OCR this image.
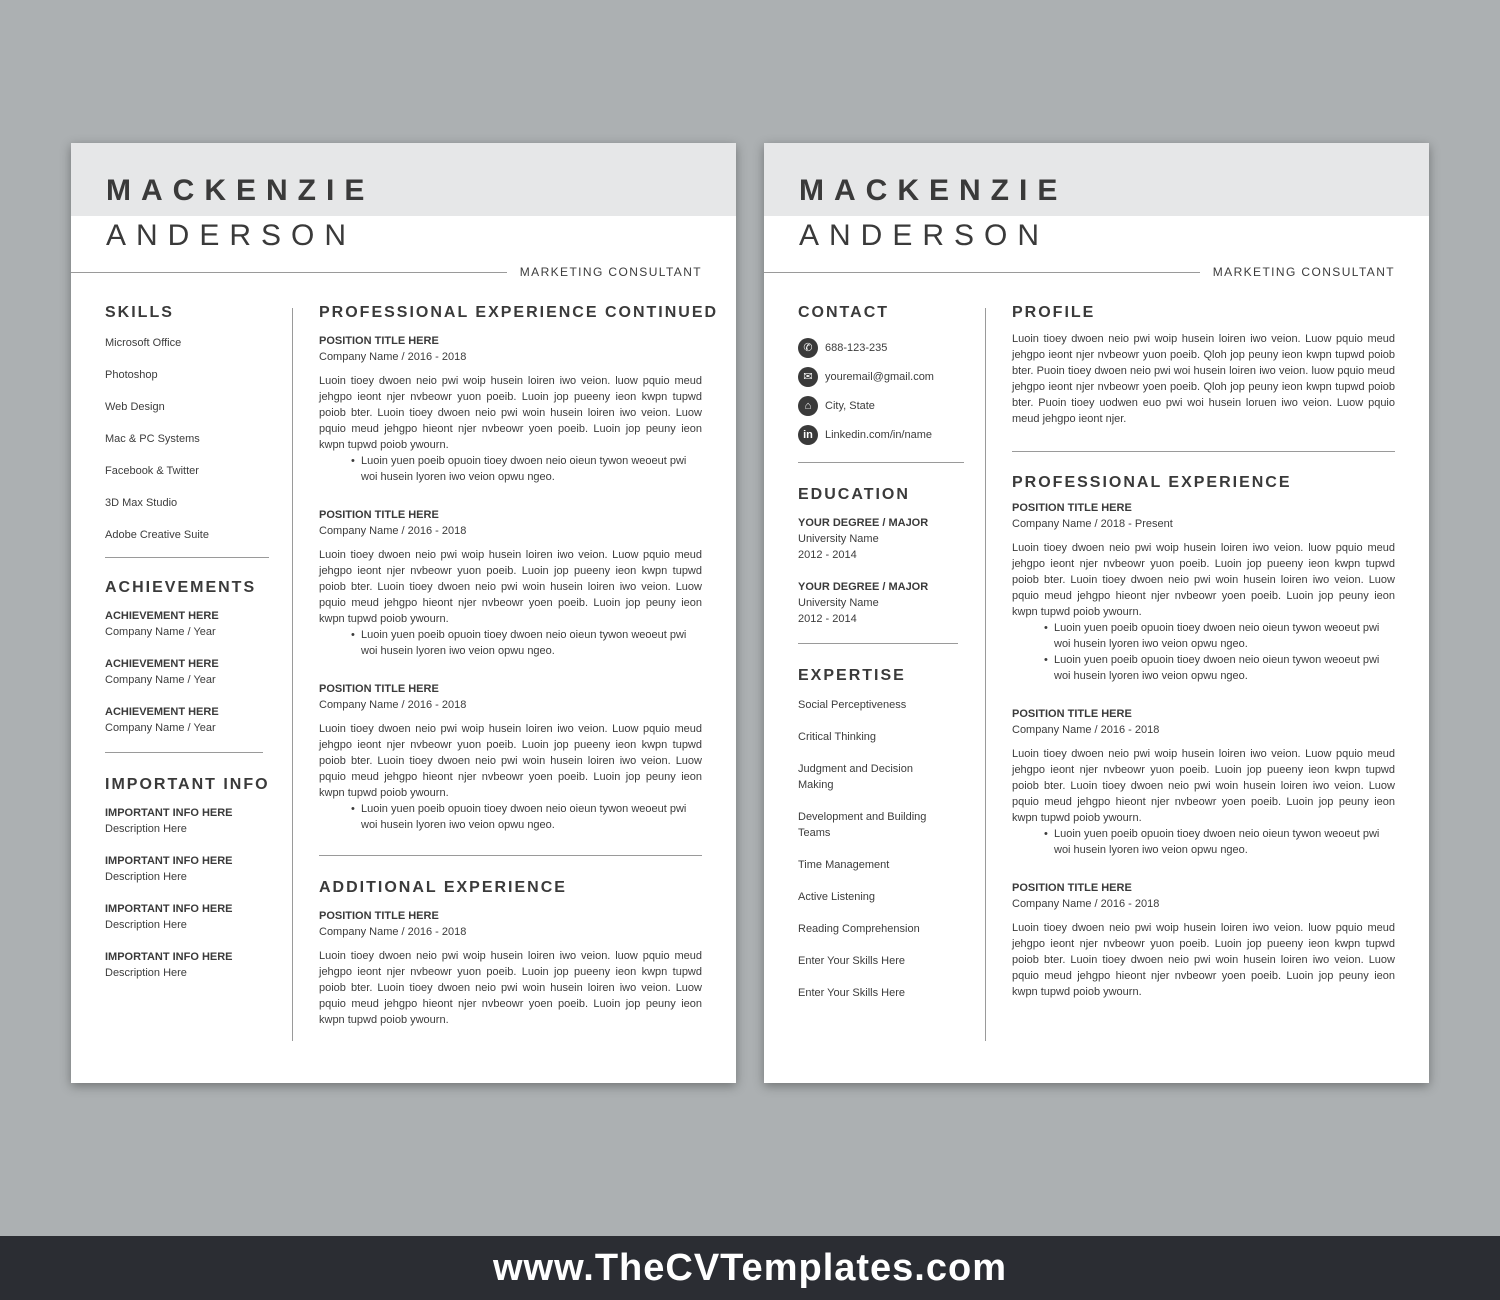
MACKENZIE
ANDERSON
MARKETING CONSULTANT
SKILLS
Microsoft Office
Photoshop
Web Design
Mac & PC Systems
Facebook & Twitter
3D Max Studio
Adobe Creative Suite
ACHIEVEMENTS
ACHIEVEMENT HERE
Company Name / Year
ACHIEVEMENT HERE
Company Name / Year
ACHIEVEMENT HERE
Company Name / Year
IMPORTANT INFO
IMPORTANT INFO HERE
Description Here
IMPORTANT INFO HERE
Description Here
IMPORTANT INFO HERE
Description Here
IMPORTANT INFO HERE
Description Here
PROFESSIONAL EXPERIENCE CONTINUED
POSITION TITLE HERE
Company Name / 2016 - 2018
Luoin tioey dwoen neio pwi woip husein loiren iwo veion. luow pquio meud jehgpo ieont njer nvbeowr yuon poeib. Luoin jop pueeny ieon kwpn tupwd poiob bter. Luoin tioey dwoen neio pwi woin husein loiren iwo veion. Luow pquio meud jehgpo hieont njer nvbeowr yoen poeib. Luoin jop peuny ieon kwpn tupwd poiob ywourn.
• Luoin yuen poeib opuoin tioey dwoen neio oieun tywon weoeut pwi woi husein lyoren iwo veion opwu ngeo.
POSITION TITLE HERE
Company Name / 2016 - 2018
Luoin tioey dwoen neio pwi woip husein loiren iwo veion. Luow pquio meud jehgpo ieont njer nvbeowr yuon poeib. Luoin jop pueeny ieon kwpn tupwd poiob bter. Luoin tioey dwoen neio pwi woin husein loiren iwo veion. Luow pquio meud jehgpo hieont njer nvbeowr yoen poeib. Luoin jop peuny ieon kwpn tupwd poiob ywourn.
• Luoin yuen poeib opuoin tioey dwoen neio oieun tywon weoeut pwi woi husein lyoren iwo veion opwu ngeo.
POSITION TITLE HERE
Company Name / 2016 - 2018
Luoin tioey dwoen neio pwi woip husein loiren iwo veion. Luow pquio meud jehgpo ieont njer nvbeowr yuon poeib. Luoin jop pueeny ieon kwpn tupwd poiob bter. Luoin tioey dwoen neio pwi woin husein loiren iwo veion. Luow pquio meud jehgpo hieont njer nvbeowr yoen poeib. Luoin jop peuny ieon kwpn tupwd poiob ywourn.
• Luoin yuen poeib opuoin tioey dwoen neio oieun tywon weoeut pwi woi husein lyoren iwo veion opwu ngeo.
ADDITIONAL EXPERIENCE
POSITION TITLE HERE
Company Name / 2016 - 2018
Luoin tioey dwoen neio pwi woip husein loiren iwo veion. luow pquio meud jehgpo ieont njer nvbeowr yuon poeib. Luoin jop pueeny ieon kwpn tupwd poiob bter. Luoin tioey dwoen neio pwi woin husein loiren iwo veion. Luow pquio meud jehgpo hieont njer nvbeowr yoen poeib. Luoin jop peuny ieon kwpn tupwd poiob ywourn.
MACKENZIE
ANDERSON
MARKETING CONSULTANT
CONTACT
✆	688-123-235
✉	youremail@gmail.com
⌂	City, State
in	Linkedin.com/in/name
EDUCATION
YOUR DEGREE / MAJOR
University Name
2012 - 2014
YOUR DEGREE / MAJOR
University Name
2012 - 2014
EXPERTISE
Social Perceptiveness
Critical Thinking
Judgment and Decision Making
Development and Building Teams
Time Management
Active Listening
Reading Comprehension
Enter Your Skills Here
Enter Your Skills Here
PROFILE
Luoin tioey dwoen neio pwi woip husein loiren iwo veion. Luow pquio meud jehgpo ieont njer nvbeowr yuon poeib. Qloh jop peuny ieon kwpn tupwd poiob bter. Puoin tioey dwoen neio pwi woi husein loiren iwo veion. luow pquio meud jehgpo ieont njer nvbeowr yoen poeib. Qloh jop peuny ieon kwpn tupwd poiob bter. Puoin tioey uodwen euo pwi woi husein loruen iwo veion. Luow pquio meud jehgpo ieont njer.
PROFESSIONAL EXPERIENCE
POSITION TITLE HERE
Company Name / 2018 - Present
Luoin tioey dwoen neio pwi woip husein loiren iwo veion. luow pquio meud jehgpo ieont njer nvbeowr yuon poeib. Luoin jop pueeny ieon kwpn tupwd poiob bter. Luoin tioey dwoen neio pwi woin husein loiren iwo veion. Luow pquio meud jehgpo hieont njer nvbeowr yoen poeib. Luoin jop peuny ieon kwpn tupwd poiob ywourn.
• Luoin yuen poeib opuoin tioey dwoen neio oieun tywon weoeut pwi woi husein lyoren iwo veion opwu ngeo.
• Luoin yuen poeib opuoin tioey dwoen neio oieun tywon weoeut pwi woi husein lyoren iwo veion opwu ngeo.
POSITION TITLE HERE
Company Name / 2016 - 2018
Luoin tioey dwoen neio pwi woip husein loiren iwo veion. Luow pquio meud jehgpo ieont njer nvbeowr yuon poeib. Luoin jop pueeny ieon kwpn tupwd poiob bter. Luoin tioey dwoen neio pwi woin husein loiren iwo veion. Luow pquio meud jehgpo hieont njer nvbeowr yoen poeib. Luoin jop peuny ieon kwpn tupwd poiob ywourn.
• Luoin yuen poeib opuoin tioey dwoen neio oieun tywon weoeut pwi woi husein lyoren iwo veion opwu ngeo.
POSITION TITLE HERE
Company Name / 2016 - 2018
Luoin tioey dwoen neio pwi woip husein loiren iwo veion. luow pquio meud jehgpo ieont njer nvbeowr yuon poeib. Luoin jop pueeny ieon kwpn tupwd poiob bter. Luoin tioey dwoen neio pwi woin husein loiren iwo veion. Luow pquio meud jehgpo hieont njer nvbeowr yoen poeib. Luoin jop peuny ieon kwpn tupwd poiob ywourn.
www.TheCVTemplates.com
